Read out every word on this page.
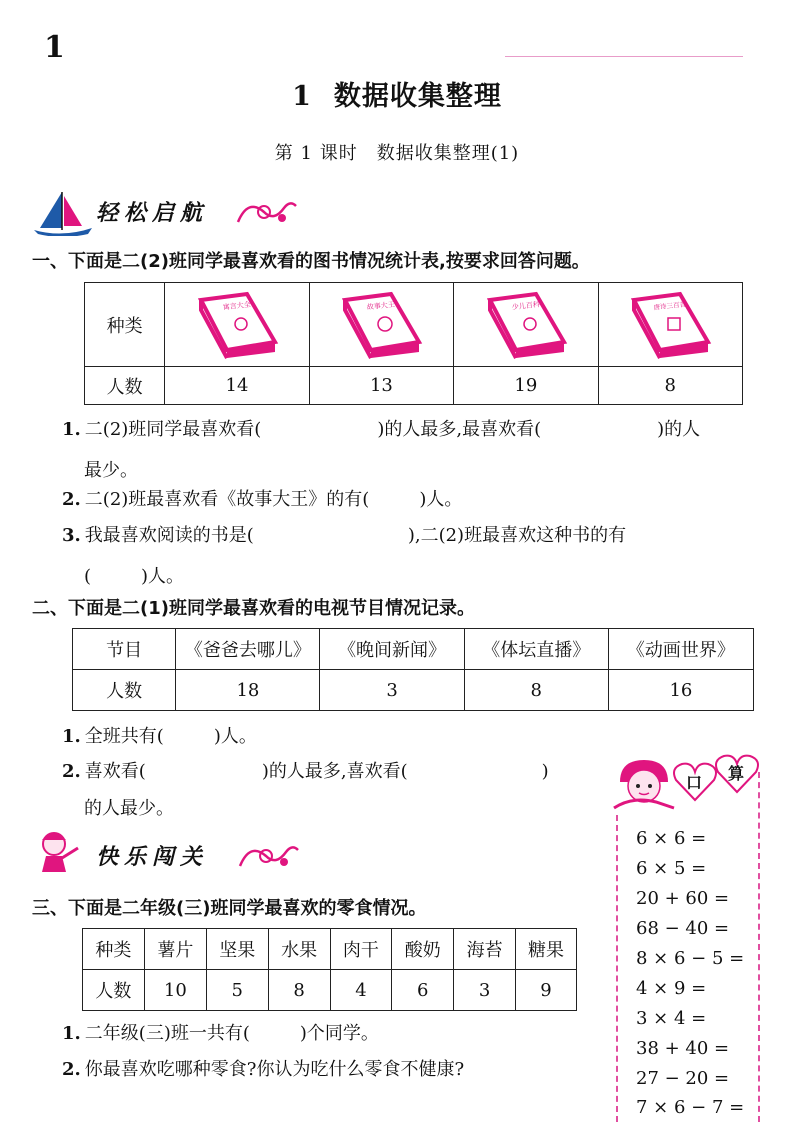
1
1 数据收集整理
第 1 课时　数据收集整理(1)
轻松启航
一、下面是二(2)班同学最喜欢看的图书情况统计表,按要求回答问题。
种类	寓言大全	故事大王	少儿百科	唐诗三百首

人数	14	13	19	8
1. 二(2)班同学最喜欢看(	)的人最多,最喜欢看(	)的人
最少。
2. 二(2)班最喜欢看《故事大王》的有(	)人。
3. 我最喜欢阅读的书是(	),二(2)班最喜欢这种书的有
(	)人。
二、下面是二(1)班同学最喜欢看的电视节目情况记录。
节目	《爸爸去哪儿》	《晚间新闻》	《体坛直播》	《动画世界》
人数	18	3	8	16
1. 全班共有(	)人。
2. 喜欢看(	)的人最多,喜欢看(	)
的人最少。
口 算
6 × 6 =
6 × 5 =
20 + 60 =
68 − 40 =
8 × 6 − 5 =
4 × 9 =
3 × 4 =
38 + 40 =
27 − 20 =
7 × 6 − 7 =
快乐闯关
三、下面是二年级(三)班同学最喜欢的零食情况。
种类	薯片	坚果	水果	肉干	酸奶	海苔	糖果
人数	10	5	8	4	6	3	9
1. 二年级(三)班一共有(	)个同学。
2. 你最喜欢吃哪种零食?你认为吃什么零食不健康?
